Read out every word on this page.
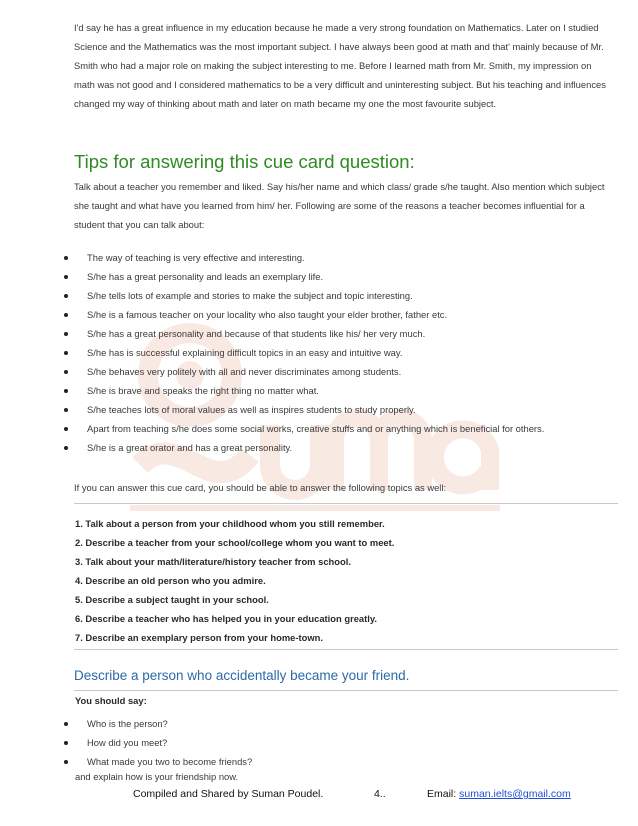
I'd say he has a great influence in my education because he made a very strong foundation on Mathematics. Later on I studied Science and the Mathematics was the most important subject. I have always been good at math and that' mainly because of Mr. Smith who had a major role on making the subject interesting to me. Before I learned math from Mr. Smith, my impression on math was not good and I considered mathematics to be a very difficult and uninteresting subject. But his teaching and influences changed my way of thinking about math and later on math became my one the most favourite subject.

Tips for answering this cue card question:

Talk about a teacher you remember and liked. Say his/her name and which class/ grade s/he taught. Also mention which subject she taught and what have you learned from him/ her. Following are some of the reasons a teacher becomes influential for a student that you can talk about:

The way of teaching is very effective and interesting.
S/he has a great personality and leads an exemplary life.
S/he tells lots of example and stories to make the subject and topic interesting.
S/he is a famous teacher on your locality who also taught your elder brother, father etc.
S/he has a great personality and because of that students like his/ her very much.
S/he has is successful explaining difficult topics in an easy and intuitive way.
S/he behaves very politely with all and never discriminates among students.
S/he is brave and speaks the right thing no matter what.
S/he teaches lots of moral values as well as inspires students to study properly.
Apart from teaching s/he does some social works, creative stuffs and or anything which is beneficial for others.
S/he is a great orator and has a great personality.

If you can answer this cue card, you should be able to answer the following topics as well:

1. Talk about a person from your childhood whom you still remember.
2. Describe a teacher from your school/college whom you want to meet.
3. Talk about your math/literature/history teacher from school.
4. Describe an old person who you admire.
5. Describe a subject taught in your school.
6. Describe a teacher who has helped you in your education greatly.
7. Describe an exemplary person from your home-town.
Describe a person who accidentally became your friend.
You should say:
Who is the person?
How did you meet?
What made you two to become friends?
and explain how is your friendship now.
Compiled and Shared by Suman Poudel.	4..	Email: suman.ielts@gmail.com
